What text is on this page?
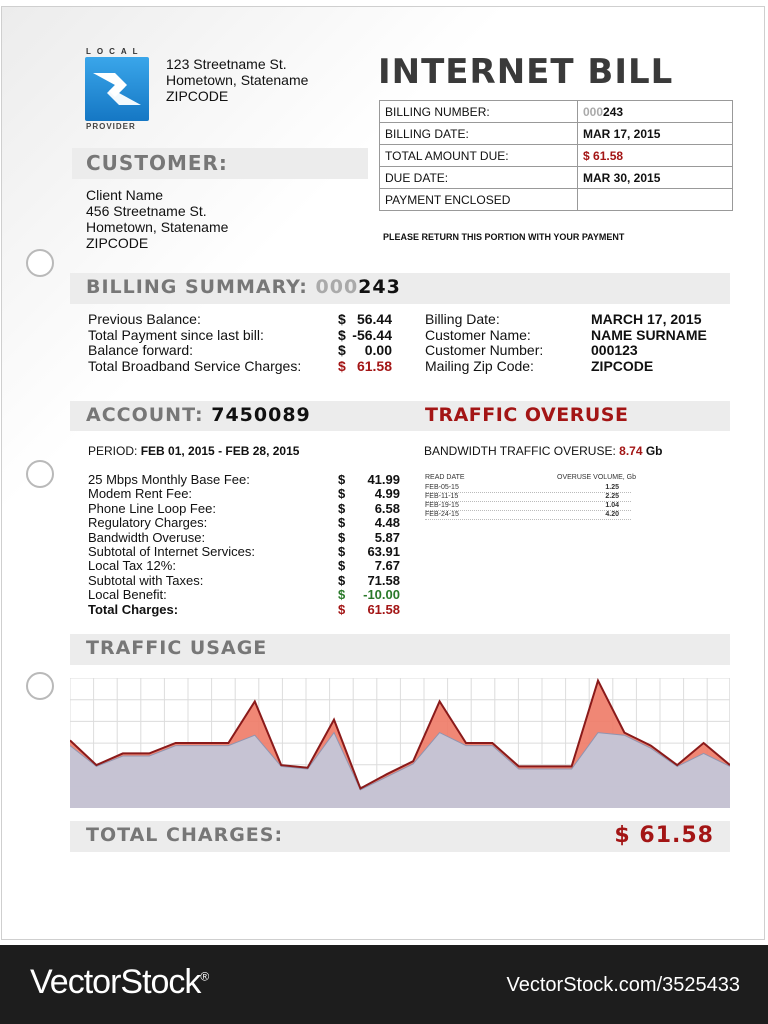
LOCAL
PROVIDER
123 Streetname St.
Hometown, Statename
ZIPCODE
INTERNET BILL
BILLING NUMBER:	000243
BILLING DATE:	MAR 17, 2015
TOTAL AMOUNT DUE:	$ 61.58
DUE DATE:	MAR 30, 2015
PAYMENT ENCLOSED	
PLEASE RETURN THIS PORTION WITH YOUR PAYMENT
CUSTOMER:
Client Name
456 Streetname St.
Hometown, Statename
ZIPCODE
BILLING SUMMARY: 000243
Previous Balance:	$ 56.44
Total Payment since last bill:	$ -56.44
Balance forward:	$ 0.00
Total Broadband Service Charges:	$ 61.58
Billing Date:	MARCH 17, 2015
Customer Name:	NAME SURNAME
Customer Number:	000123
Mailing Zip Code:	ZIPCODE
ACCOUNT: 7450089	TRAFFIC OVERUSE
PERIOD: FEB 01, 2015 - FEB 28, 2015	BANDWIDTH TRAFFIC OVERUSE: 8.74 Gb
25 Mbps Monthly Base Fee:	$ 41.99
Modem Rent Fee:	$ 4.99
Phone Line Loop Fee:	$ 6.58
Regulatory Charges:	$ 4.48
Bandwidth Overuse:	$ 5.87
Subtotal of Internet Services:	$ 63.91
Local Tax 12%:	$ 7.67
Subtotal with Taxes:	$ 71.58
Local Benefit:	$ -10.00
Total Charges:	$ 61.58
READ DATE	OVERUSE VOLUME, Gb
FEB-05-15	1.25
FEB-11-15	2.25
FEB-19-15	1.04
FEB-24-15	4.20
TRAFFIC USAGE
TOTAL CHARGES:	$ 61.58
VectorStock®	VectorStock.com/3525433
